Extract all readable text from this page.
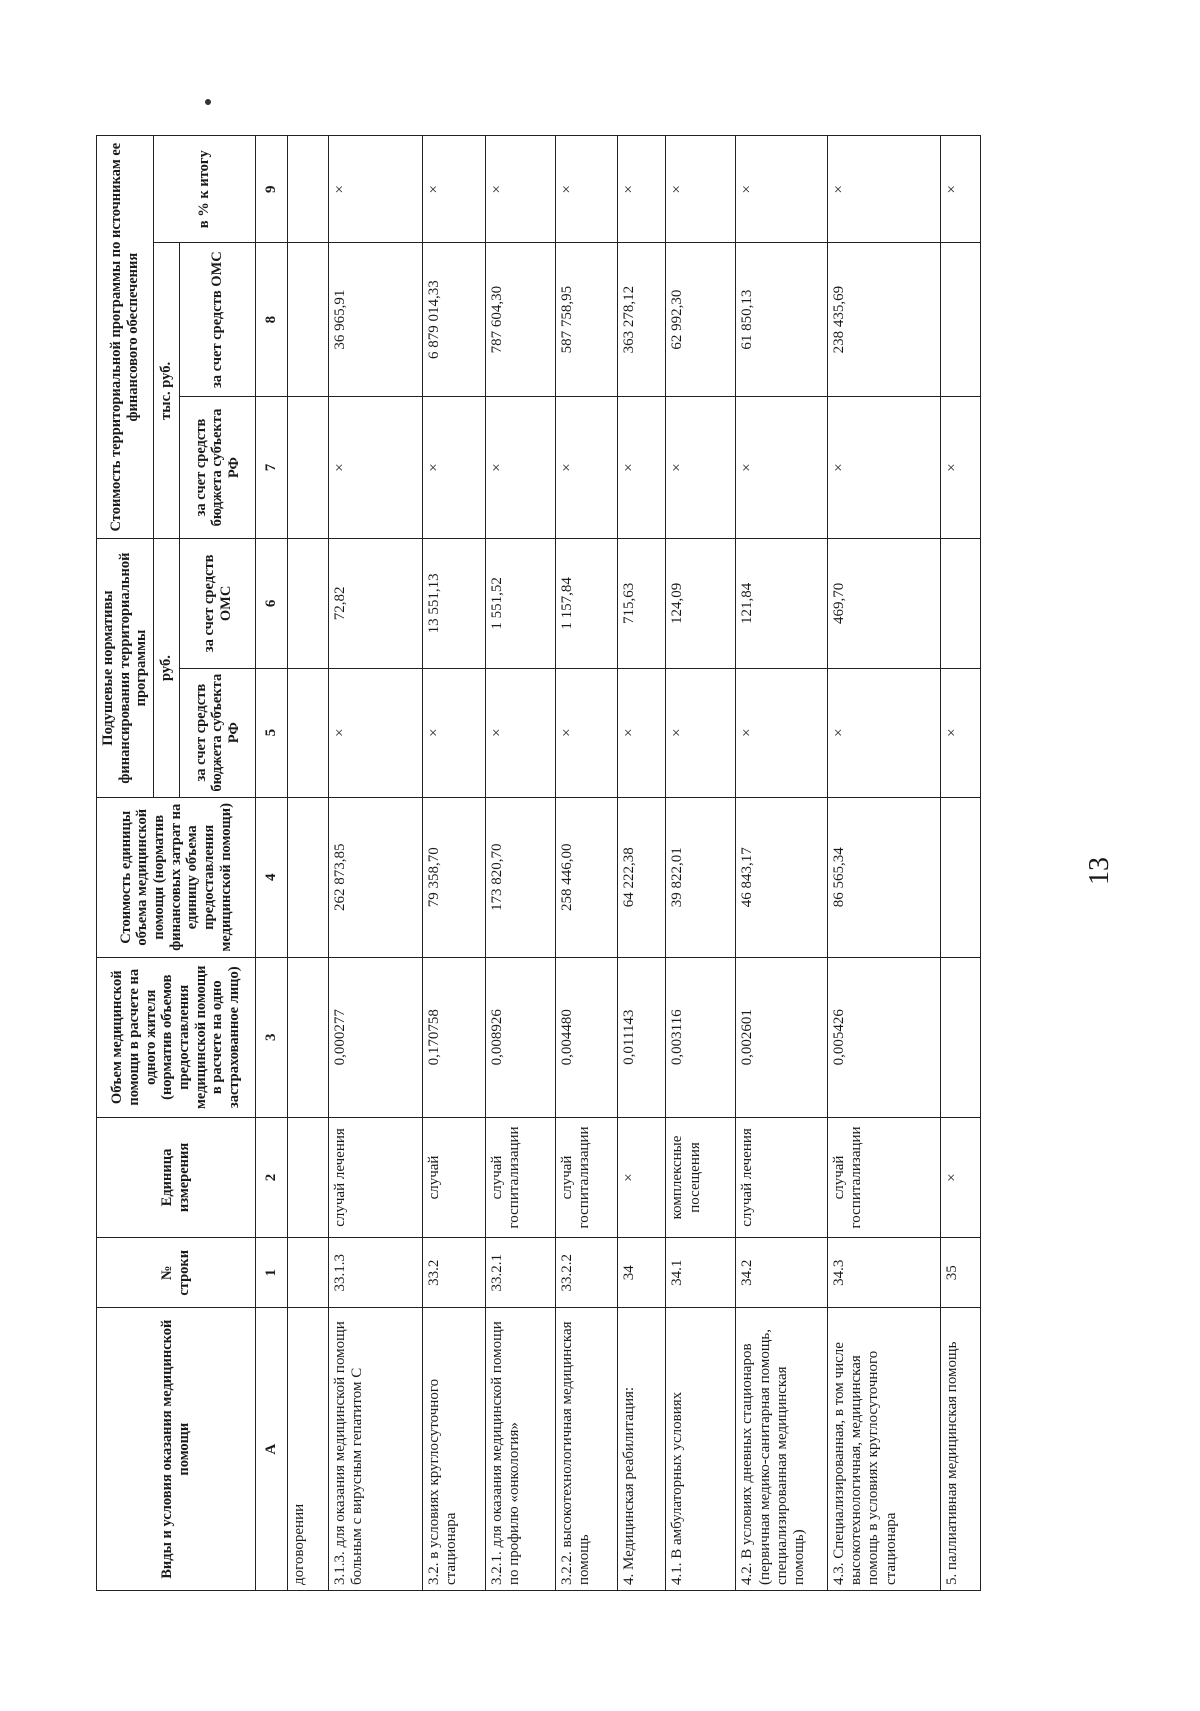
13
Виды и условия оказания медицинской помощи	№ строки	Единица измерения	Объем медицинской помощи в расчете на одного жителя (норматив объемов предоставления медицинской помощи в расчете на одно застрахованное лицо)	Стоимость единицы объема медицинской помощи (норматив финансовых затрат на единицу объема предоставления медицинской помощи)	Подушевые нормативы финансирования территориальной программы		Стоимость территориальной программы по источникам ее финансового обеспечения		
					руб.		тыс. руб.		в % к итогу
					за счет средств бюджета субъекта РФ	за счет средств ОМС	за счет средств бюджета субъекта РФ	за счет средств ОМС	
А	1	2	3	4	5	6	7	8	9
договорении									
3.1.3. для оказания медицинской помощи больным с вирусным гепатитом С	33.1.3	случай лечения	0,000277	262 873,85	×	72,82	×	36 965,91	×
3.2. в условиях круглосуточного стационара	33.2	случай	0,170758	79 358,70	×	13 551,13	×	6 879 014,33	×
3.2.1. для оказания медицинской помощи по профилю «онкология»	33.2.1	случай госпитализации	0,008926	173 820,70	×	1 551,52	×	787 604,30	×
3.2.2. высокотехнологичная медицинская помощь	33.2.2	случай госпитализации	0,004480	258 446,00	×	1 157,84	×	587 758,95	×
4. Медицинская реабилитация:	34	×	0,011143	64 222,38	×	715,63	×	363 278,12	×
4.1. В амбулаторных условиях	34.1	комплексные посещения	0,003116	39 822,01	×	124,09	×	62 992,30	×
4.2. В условиях дневных стационаров (первичная медико-санитарная помощь, специализированная медицинская помощь)	34.2	случай лечения	0,002601	46 843,17	×	121,84	×	61 850,13	×
4.3. Специализированная, в том числе высокотехнологичная, медицинская помощь в условиях круглосуточного стационара	34.3	случай госпитализации	0,005426	86 565,34	×	469,70	×	238 435,69	×
5. паллиативная медицинская помощь	35	×			×		×		×
